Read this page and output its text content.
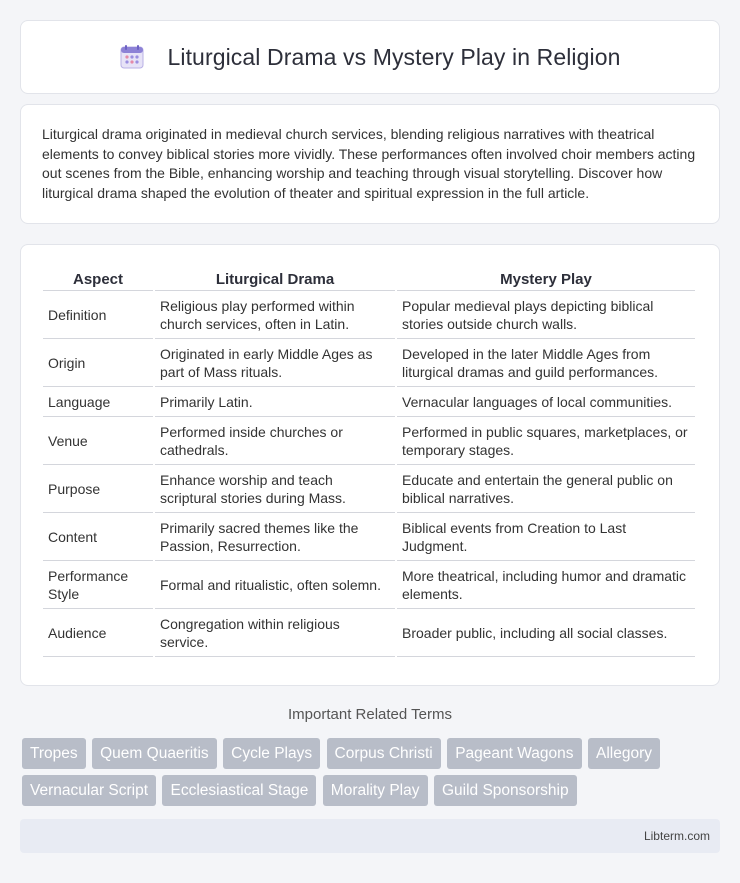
Liturgical Drama vs Mystery Play in Religion

Liturgical drama originated in medieval church services, blending religious narratives with theatrical elements to convey biblical stories more vividly. These performances often involved choir members acting out scenes from the Bible, enhancing worship and teaching through visual storytelling. Discover how liturgical drama shaped the evolution of theater and spiritual expression in the full article.

Aspect	Liturgical Drama	Mystery Play
Definition	Religious play performed within church services, often in Latin.	Popular medieval plays depicting biblical stories outside church walls.
Origin	Originated in early Middle Ages as part of Mass rituals.	Developed in the later Middle Ages from liturgical dramas and guild performances.
Language	Primarily Latin.	Vernacular languages of local communities.
Venue	Performed inside churches or cathedrals.	Performed in public squares, marketplaces, or temporary stages.
Purpose	Enhance worship and teach scriptural stories during Mass.	Educate and entertain the general public on biblical narratives.
Content	Primarily sacred themes like the Passion, Resurrection.	Biblical events from Creation to Last Judgment.
Performance Style	Formal and ritualistic, often solemn.	More theatrical, including humor and dramatic elements.
Audience	Congregation within religious service.	Broader public, including all social classes.
Important Related Terms
Tropes Quem Quaeritis Cycle Plays Corpus Christi Pageant Wagons Allegory Vernacular Script Ecclesiastical Stage Morality Play Guild Sponsorship
Libterm.com
